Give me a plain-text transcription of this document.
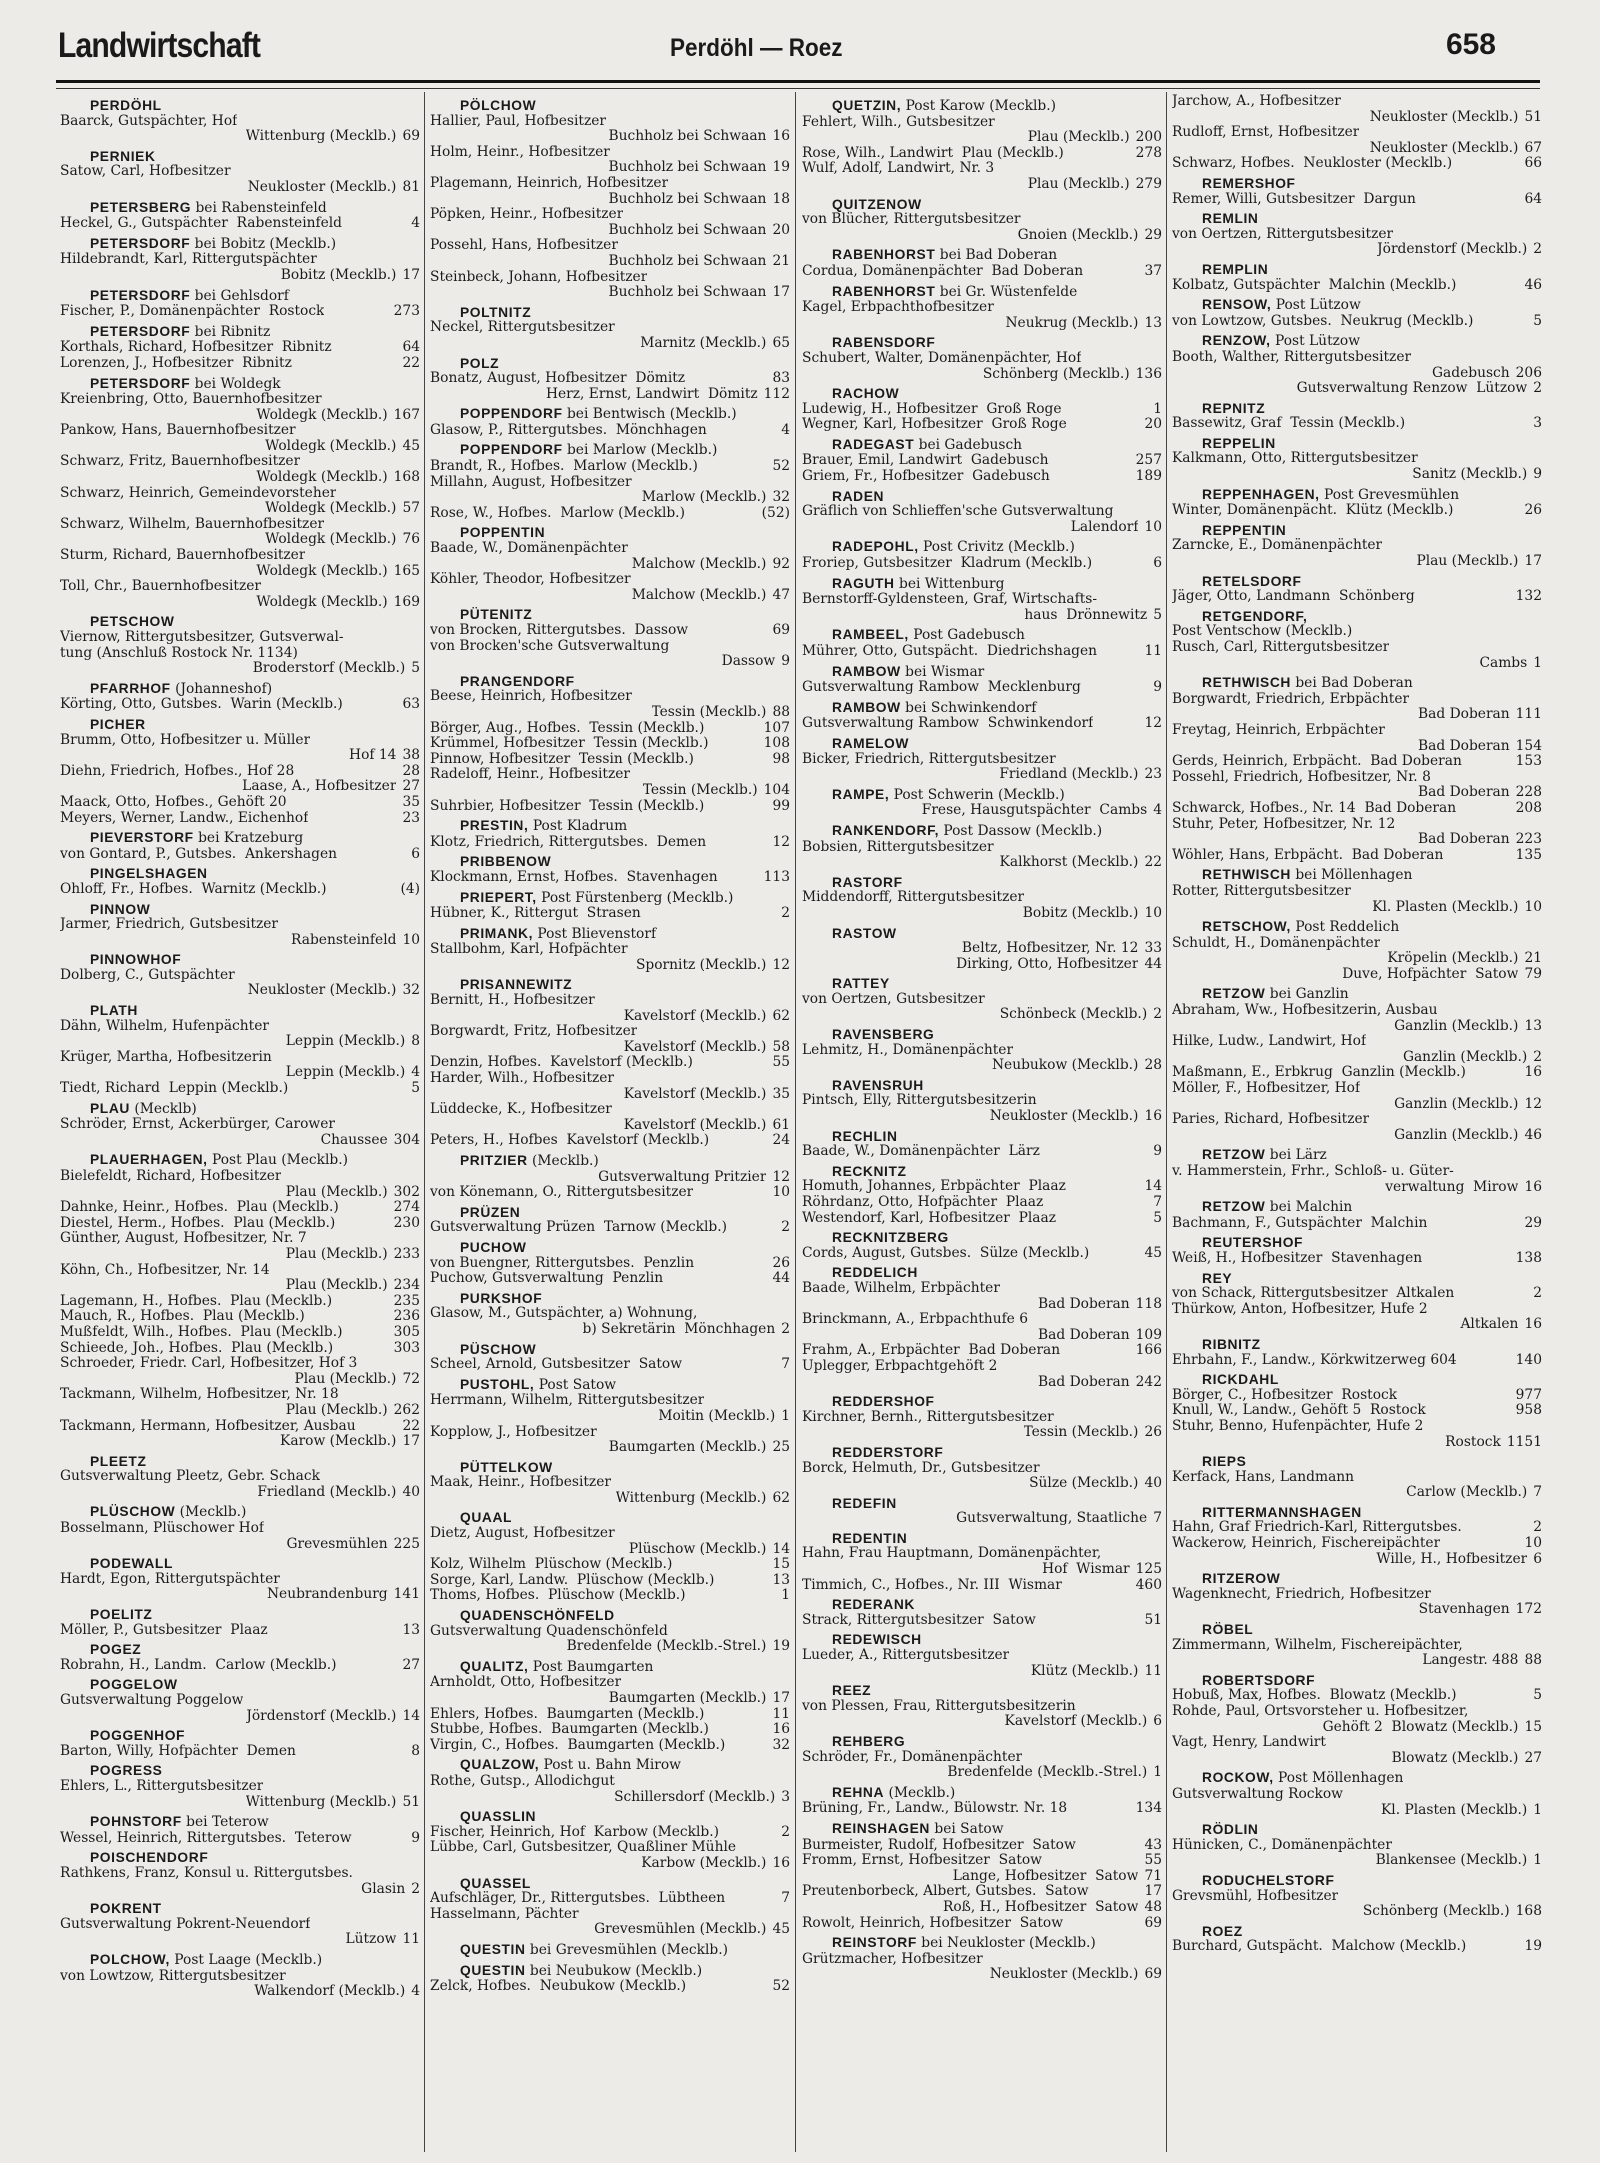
Landwirtschaft	Perdöhl — Roez	658
PERDÖHL
Baarck, Gutspächter, Hof
Wittenburg (Mecklb.) 69
PERNIEK
Satow, Carl, Hofbesitzer
Neukloster (Mecklb.) 81
PETERSBERG bei Rabensteinfeld
Heckel, G., Gutspächter  Rabensteinfeld	4
PETERSDORF bei Bobitz (Mecklb.)
Hildebrandt, Karl, Rittergutspächter
Bobitz (Mecklb.) 17
PETERSDORF bei Gehlsdorf
Fischer, P., Domänenpächter  Rostock	273
PETERSDORF bei Ribnitz
Korthals, Richard, Hofbesitzer  Ribnitz	64
Lorenzen, J., Hofbesitzer  Ribnitz	22
PETERSDORF bei Woldegk
Kreienbring, Otto, Bauernhofbesitzer
Woldegk (Mecklb.) 167
Pankow, Hans, Bauernhofbesitzer
Woldegk (Mecklb.) 45
Schwarz, Fritz, Bauernhofbesitzer
Woldegk (Mecklb.) 168
Schwarz, Heinrich, Gemeindevorsteher
Woldegk (Mecklb.) 57
Schwarz, Wilhelm, Bauernhofbesitzer
Woldegk (Mecklb.) 76
Sturm, Richard, Bauernhofbesitzer
Woldegk (Mecklb.) 165
Toll, Chr., Bauernhofbesitzer
Woldegk (Mecklb.) 169
PETSCHOW
Viernow, Rittergutsbesitzer, Gutsverwal-
tung (Anschluß Rostock Nr. 1134)
Broderstorf (Mecklb.) 5
PFARRHOF (Johanneshof)
Körting, Otto, Gutsbes.  Warin (Mecklb.)	63
PICHER
Brumm, Otto, Hofbesitzer u. Müller
Hof 14 38
Diehn, Friedrich, Hofbes., Hof 28	28
Laase, A., Hofbesitzer 27
Maack, Otto, Hofbes., Gehöft 20	35
Meyers, Werner, Landw., Eichenhof	23
PIEVERSTORF bei Kratzeburg
von Gontard, P., Gutsbes.  Ankershagen	6
PINGELSHAGEN
Ohloff, Fr., Hofbes.  Warnitz (Mecklb.)	(4)
PINNOW
Jarmer, Friedrich, Gutsbesitzer
Rabensteinfeld 10
PINNOWHOF
Dolberg, C., Gutspächter
Neukloster (Mecklb.) 32
PLATH
Dähn, Wilhelm, Hufenpächter
Leppin (Mecklb.) 8
Krüger, Martha, Hofbesitzerin
Leppin (Mecklb.) 4
Tiedt, Richard  Leppin (Mecklb.)	5
PLAU (Mecklb)
Schröder, Ernst, Ackerbürger, Carower
Chaussee 304
PLAUERHAGEN, Post Plau (Mecklb.)
Bielefeldt, Richard, Hofbesitzer
Plau (Mecklb.) 302
Dahnke, Heinr., Hofbes.  Plau (Mecklb.)	274
Diestel, Herm., Hofbes.  Plau (Mecklb.)	230
Günther, August, Hofbesitzer, Nr. 7
Plau (Mecklb.) 233
Köhn, Ch., Hofbesitzer, Nr. 14
Plau (Mecklb.) 234
Lagemann, H., Hofbes.  Plau (Mecklb.)	235
Mauch, R., Hofbes.  Plau (Mecklb.)	236
Mußfeldt, Wilh., Hofbes.  Plau (Mecklb.)	305
Schieede, Joh., Hofbes.  Plau (Mecklb.)	303
Schroeder, Friedr. Carl, Hofbesitzer, Hof 3
Plau (Mecklb.) 72
Tackmann, Wilhelm, Hofbesitzer, Nr. 18
Plau (Mecklb.) 262
Tackmann, Hermann, Hofbesitzer, Ausbau	22
Karow (Mecklb.) 17
PLEETZ
Gutsverwaltung Pleetz, Gebr. Schack
Friedland (Mecklb.) 40
PLÜSCHOW (Mecklb.)
Bosselmann, Plüschower Hof
Grevesmühlen 225
PODEWALL
Hardt, Egon, Rittergutspächter
Neubrandenburg 141
POELITZ
Möller, P., Gutsbesitzer  Plaaz	13
POGEZ
Robrahn, H., Landm.  Carlow (Mecklb.)	27
POGGELOW
Gutsverwaltung Poggelow
Jördenstorf (Mecklb.) 14
POGGENHOF
Barton, Willy, Hofpächter  Demen	8
POGRESS
Ehlers, L., Rittergutsbesitzer
Wittenburg (Mecklb.) 51
POHNSTORF bei Teterow
Wessel, Heinrich, Rittergutsbes.  Teterow	9
POISCHENDORF
Rathkens, Franz, Konsul u. Rittergutsbes.
Glasin 2
POKRENT
Gutsverwaltung Pokrent-Neuendorf
Lützow 11
POLCHOW, Post Laage (Mecklb.)
von Lowtzow, Rittergutsbesitzer
Walkendorf (Mecklb.) 4
PÖLCHOW
Hallier, Paul, Hofbesitzer
Buchholz bei Schwaan 16
Holm, Heinr., Hofbesitzer
Buchholz bei Schwaan 19
Plagemann, Heinrich, Hofbesitzer
Buchholz bei Schwaan 18
Pöpken, Heinr., Hofbesitzer
Buchholz bei Schwaan 20
Possehl, Hans, Hofbesitzer
Buchholz bei Schwaan 21
Steinbeck, Johann, Hofbesitzer
Buchholz bei Schwaan 17
POLTNITZ
Neckel, Rittergutsbesitzer
Marnitz (Mecklb.) 65
POLZ
Bonatz, August, Hofbesitzer  Dömitz	83
Herz, Ernst, Landwirt  Dömitz 112
POPPENDORF bei Bentwisch (Mecklb.)
Glasow, P., Rittergutsbes.  Mönchhagen	4
POPPENDORF bei Marlow (Mecklb.)
Brandt, R., Hofbes.  Marlow (Mecklb.)	52
Millahn, August, Hofbesitzer
Marlow (Mecklb.) 32
Rose, W., Hofbes.  Marlow (Mecklb.)	(52)
POPPENTIN
Baade, W., Domänenpächter
Malchow (Mecklb.) 92
Köhler, Theodor, Hofbesitzer
Malchow (Mecklb.) 47
PÜTENITZ
von Brocken, Rittergutsbes.  Dassow	69
von Brocken'sche Gutsverwaltung
Dassow 9
PRANGENDORF
Beese, Heinrich, Hofbesitzer
Tessin (Mecklb.) 88
Börger, Aug., Hofbes.  Tessin (Mecklb.)	107
Krümmel, Hofbesitzer  Tessin (Mecklb.)	108
Pinnow, Hofbesitzer  Tessin (Mecklb.)	98
Radeloff, Heinr., Hofbesitzer
Tessin (Mecklb.) 104
Suhrbier, Hofbesitzer  Tessin (Mecklb.)	99
PRESTIN, Post Kladrum
Klotz, Friedrich, Rittergutsbes.  Demen	12
PRIBBENOW
Klockmann, Ernst, Hofbes.  Stavenhagen	113
PRIEPERT, Post Fürstenberg (Mecklb.)
Hübner, K., Rittergut  Strasen	2
PRIMANK, Post Blievenstorf
Stallbohm, Karl, Hofpächter
Spornitz (Mecklb.) 12
PRISANNEWITZ
Bernitt, H., Hofbesitzer
Kavelstorf (Mecklb.) 62
Borgwardt, Fritz, Hofbesitzer
Kavelstorf (Mecklb.) 58
Denzin, Hofbes.  Kavelstorf (Mecklb.)	55
Harder, Wilh., Hofbesitzer
Kavelstorf (Mecklb.) 35
Lüddecke, K., Hofbesitzer
Kavelstorf (Mecklb.) 61
Peters, H., Hofbes  Kavelstorf (Mecklb.)	24
PRITZIER (Mecklb.)
Gutsverwaltung Pritzier 12
von Könemann, O., Rittergutsbesitzer	10
PRÜZEN
Gutsverwaltung Prüzen  Tarnow (Mecklb.)	2
PUCHOW
von Buengner, Rittergutsbes.  Penzlin	26
Puchow, Gutsverwaltung  Penzlin	44
PURKSHOF
Glasow, M., Gutspächter, a) Wohnung,
b) Sekretärin  Mönchhagen 2
PÜSCHOW
Scheel, Arnold, Gutsbesitzer  Satow	7
PUSTOHL, Post Satow
Herrmann, Wilhelm, Rittergutsbesitzer
Moitin (Mecklb.) 1
Kopplow, J., Hofbesitzer
Baumgarten (Mecklb.) 25
PÜTTELKOW
Maak, Heinr., Hofbesitzer
Wittenburg (Mecklb.) 62
QUAAL
Dietz, August, Hofbesitzer
Plüschow (Mecklb.) 14
Kolz, Wilhelm  Plüschow (Mecklb.)	15
Sorge, Karl, Landw.  Plüschow (Mecklb.)	13
Thoms, Hofbes.  Plüschow (Mecklb.)	1
QUADENSCHÖNFELD
Gutsverwaltung Quadenschönfeld
Bredenfelde (Mecklb.-Strel.) 19
QUALITZ, Post Baumgarten
Arnholdt, Otto, Hofbesitzer
Baumgarten (Mecklb.) 17
Ehlers, Hofbes.  Baumgarten (Mecklb.)	11
Stubbe, Hofbes.  Baumgarten (Mecklb.)	16
Virgin, C., Hofbes.  Baumgarten (Mecklb.)	32
QUALZOW, Post u. Bahn Mirow
Rothe, Gutsp., Allodichgut
Schillersdorf (Mecklb.) 3
QUASSLIN
Fischer, Heinrich, Hof  Karbow (Mecklb.)	2
Lübbe, Carl, Gutsbesitzer, Quaßliner Mühle
Karbow (Mecklb.) 16
QUASSEL
Aufschläger, Dr., Rittergutsbes.  Lübtheen	7
Hasselmann, Pächter
Grevesmühlen (Mecklb.) 45
QUESTIN bei Grevesmühlen (Mecklb.)
QUESTIN bei Neubukow (Mecklb.)
Zelck, Hofbes.  Neubukow (Mecklb.)	52
QUETZIN, Post Karow (Mecklb.)
Fehlert, Wilh., Gutsbesitzer
Plau (Mecklb.) 200
Rose, Wilh., Landwirt  Plau (Mecklb.)	278
Wulf, Adolf, Landwirt, Nr. 3
Plau (Mecklb.) 279
QUITZENOW
von Blücher, Rittergutsbesitzer
Gnoien (Mecklb.) 29
RABENHORST bei Bad Doberan
Cordua, Domänenpächter  Bad Doberan	37
RABENHORST bei Gr. Wüstenfelde
Kagel, Erbpachthofbesitzer
Neukrug (Mecklb.) 13
RABENSDORF
Schubert, Walter, Domänenpächter, Hof
Schönberg (Mecklb.) 136
RACHOW
Ludewig, H., Hofbesitzer  Groß Roge	1
Wegner, Karl, Hofbesitzer  Groß Roge	20
RADEGAST bei Gadebusch
Brauer, Emil, Landwirt  Gadebusch	257
Griem, Fr., Hofbesitzer  Gadebusch	189
RADEN
Gräflich von Schlieffen'sche Gutsverwaltung
Lalendorf 10
RADEPOHL, Post Crivitz (Mecklb.)
Froriep, Gutsbesitzer  Kladrum (Mecklb.)	6
RAGUTH bei Wittenburg
Bernstorff-Gyldensteen, Graf, Wirtschafts-
haus  Drönnewitz 5
RAMBEEL, Post Gadebusch
Mührer, Otto, Gutspächt.  Diedrichshagen	11
RAMBOW bei Wismar
Gutsverwaltung Rambow  Mecklenburg	9
RAMBOW bei Schwinkendorf
Gutsverwaltung Rambow  Schwinkendorf	12
RAMELOW
Bicker, Friedrich, Rittergutsbesitzer
Friedland (Mecklb.) 23
RAMPE, Post Schwerin (Mecklb.)
Frese, Hausgutspächter  Cambs 4
RANKENDORF, Post Dassow (Mecklb.)
Bobsien, Rittergutsbesitzer
Kalkhorst (Mecklb.) 22
RASTORF
Middendorff, Rittergutsbesitzer
Bobitz (Mecklb.) 10
RASTOW
Beltz, Hofbesitzer, Nr. 12 33
Dirking, Otto, Hofbesitzer 44
RATTEY
von Oertzen, Gutsbesitzer
Schönbeck (Mecklb.) 2
RAVENSBERG
Lehmitz, H., Domänenpächter
Neubukow (Mecklb.) 28
RAVENSRUH
Pintsch, Elly, Rittergutsbesitzerin
Neukloster (Mecklb.) 16
RECHLIN
Baade, W., Domänenpächter  Lärz	9
RECKNITZ
Homuth, Johannes, Erbpächter  Plaaz	14
Röhrdanz, Otto, Hofpächter  Plaaz	7
Westendorf, Karl, Hofbesitzer  Plaaz	5
RECKNITZBERG
Cords, August, Gutsbes.  Sülze (Mecklb.)	45
REDDELICH
Baade, Wilhelm, Erbpächter
Bad Doberan 118
Brinckmann, A., Erbpachthufe 6
Bad Doberan 109
Frahm, A., Erbpächter  Bad Doberan	166
Uplegger, Erbpachtgehöft 2
Bad Doberan 242
REDDERSHOF
Kirchner, Bernh., Rittergutsbesitzer
Tessin (Mecklb.) 26
REDDERSTORF
Borck, Helmuth, Dr., Gutsbesitzer
Sülze (Mecklb.) 40
REDEFIN
Gutsverwaltung, Staatliche 7
REDENTIN
Hahn, Frau Hauptmann, Domänenpächter,
Hof  Wismar 125
Timmich, C., Hofbes., Nr. III  Wismar	460
REDERANK
Strack, Rittergutsbesitzer  Satow	51
REDEWISCH
Lueder, A., Rittergutsbesitzer
Klütz (Mecklb.) 11
REEZ
von Plessen, Frau, Rittergutsbesitzerin
Kavelstorf (Mecklb.) 6
REHBERG
Schröder, Fr., Domänenpächter
Bredenfelde (Mecklb.-Strel.) 1
REHNA (Mecklb.)
Brüning, Fr., Landw., Bülowstr. Nr. 18	134
REINSHAGEN bei Satow
Burmeister, Rudolf, Hofbesitzer  Satow	43
Fromm, Ernst, Hofbesitzer  Satow	55
Lange, Hofbesitzer  Satow 71
Preutenborbeck, Albert, Gutsbes.  Satow	17
Roß, H., Hofbesitzer  Satow 48
Rowolt, Heinrich, Hofbesitzer  Satow	69
REINSTORF bei Neukloster (Mecklb.)
Grützmacher, Hofbesitzer
Neukloster (Mecklb.) 69
Jarchow, A., Hofbesitzer
Neukloster (Mecklb.) 51
Rudloff, Ernst, Hofbesitzer
Neukloster (Mecklb.) 67
Schwarz, Hofbes.  Neukloster (Mecklb.)	66
REMERSHOF
Remer, Willi, Gutsbesitzer  Dargun	64
REMLIN
von Oertzen, Rittergutsbesitzer
Jördenstorf (Mecklb.) 2
REMPLIN
Kolbatz, Gutspächter  Malchin (Mecklb.)	46
RENSOW, Post Lützow
von Lowtzow, Gutsbes.  Neukrug (Mecklb.)	5
RENZOW, Post Lützow
Booth, Walther, Rittergutsbesitzer
Gadebusch 206
Gutsverwaltung Renzow  Lützow 2
REPNITZ
Bassewitz, Graf  Tessin (Mecklb.)	3
REPPELIN
Kalkmann, Otto, Rittergutsbesitzer
Sanitz (Mecklb.) 9
REPPENHAGEN, Post Grevesmühlen
Winter, Domänenpächt.  Klütz (Mecklb.)	26
REPPENTIN
Zarncke, E., Domänenpächter
Plau (Mecklb.) 17
RETELSDORF
Jäger, Otto, Landmann  Schönberg	132
RETGENDORF,
Post Ventschow (Mecklb.)
Rusch, Carl, Rittergutsbesitzer
Cambs 1
RETHWISCH bei Bad Doberan
Borgwardt, Friedrich, Erbpächter
Bad Doberan 111
Freytag, Heinrich, Erbpächter
Bad Doberan 154
Gerds, Heinrich, Erbpächt.  Bad Doberan	153
Possehl, Friedrich, Hofbesitzer, Nr. 8
Bad Doberan 228
Schwarck, Hofbes., Nr. 14  Bad Doberan	208
Stuhr, Peter, Hofbesitzer, Nr. 12
Bad Doberan 223
Wöhler, Hans, Erbpächt.  Bad Doberan	135
RETHWISCH bei Möllenhagen
Rotter, Rittergutsbesitzer
Kl. Plasten (Mecklb.) 10
RETSCHOW, Post Reddelich
Schuldt, H., Domänenpächter
Kröpelin (Mecklb.) 21
Duve, Hofpächter  Satow 79
RETZOW bei Ganzlin
Abraham, Ww., Hofbesitzerin, Ausbau
Ganzlin (Mecklb.) 13
Hilke, Ludw., Landwirt, Hof
Ganzlin (Mecklb.) 2
Maßmann, E., Erbkrug  Ganzlin (Mecklb.)	16
Möller, F., Hofbesitzer, Hof
Ganzlin (Mecklb.) 12
Paries, Richard, Hofbesitzer
Ganzlin (Mecklb.) 46
RETZOW bei Lärz
v. Hammerstein, Frhr., Schloß- u. Güter-
verwaltung  Mirow 16
RETZOW bei Malchin
Bachmann, F., Gutspächter  Malchin	29
REUTERSHOF
Weiß, H., Hofbesitzer  Stavenhagen	138
REY
von Schack, Rittergutsbesitzer  Altkalen	2
Thürkow, Anton, Hofbesitzer, Hufe 2
Altkalen 16
RIBNITZ
Ehrbahn, F., Landw., Körkwitzerweg 604	140
RICKDAHL
Börger, C., Hofbesitzer  Rostock	977
Knull, W., Landw., Gehöft 5  Rostock	958
Stuhr, Benno, Hufenpächter, Hufe 2
Rostock 1151
RIEPS
Kerfack, Hans, Landmann
Carlow (Mecklb.) 7
RITTERMANNSHAGEN
Hahn, Graf Friedrich-Karl, Rittergutsbes.	2
Wackerow, Heinrich, Fischereipächter	10
Wille, H., Hofbesitzer 6
RITZEROW
Wagenknecht, Friedrich, Hofbesitzer
Stavenhagen 172
RÖBEL
Zimmermann, Wilhelm, Fischereipächter,
Langestr. 488 88
ROBERTSDORF
Hobuß, Max, Hofbes.  Blowatz (Mecklb.)	5
Rohde, Paul, Ortsvorsteher u. Hofbesitzer,
Gehöft 2  Blowatz (Mecklb.) 15
Vagt, Henry, Landwirt
Blowatz (Mecklb.) 27
ROCKOW, Post Möllenhagen
Gutsverwaltung Rockow
Kl. Plasten (Mecklb.) 1
RÖDLIN
Hünicken, C., Domänenpächter
Blankensee (Mecklb.) 1
RODUCHELSTORF
Grevsmühl, Hofbesitzer
Schönberg (Mecklb.) 168
ROEZ
Burchard, Gutspächt.  Malchow (Mecklb.)	19
